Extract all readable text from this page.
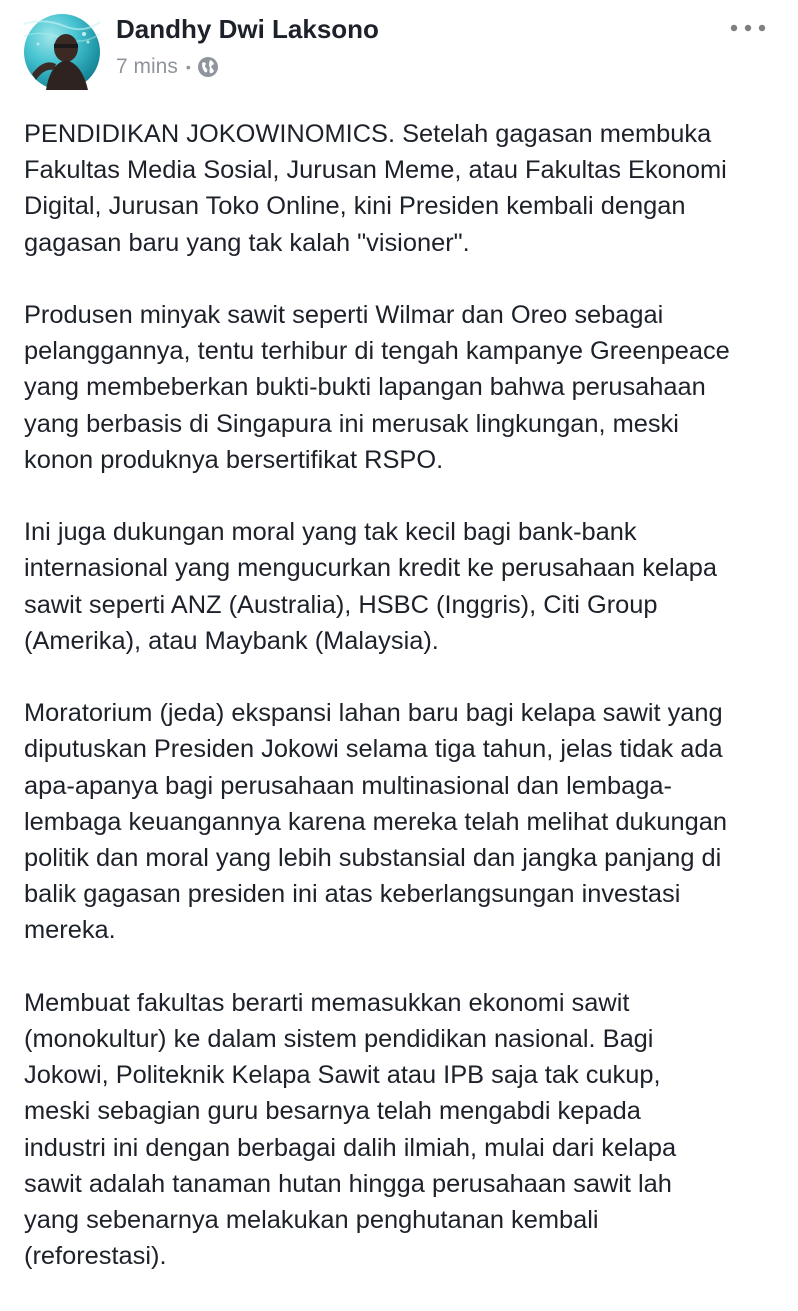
Dandhy Dwi Laksono
7 mins •

PENDIDIKAN JOKOWINOMICS. Setelah gagasan membuka
Fakultas Media Sosial, Jurusan Meme, atau Fakultas Ekonomi
Digital, Jurusan Toko Online, kini Presiden kembali dengan
gagasan baru yang tak kalah "visioner".

Produsen minyak sawit seperti Wilmar dan Oreo sebagai
pelanggannya, tentu terhibur di tengah kampanye Greenpeace
yang membeberkan bukti-bukti lapangan bahwa perusahaan
yang berbasis di Singapura ini merusak lingkungan, meski
konon produknya bersertifikat RSPO.

Ini juga dukungan moral yang tak kecil bagi bank-bank
internasional yang mengucurkan kredit ke perusahaan kelapa
sawit seperti ANZ (Australia), HSBC (Inggris), Citi Group
(Amerika), atau Maybank (Malaysia).

Moratorium (jeda) ekspansi lahan baru bagi kelapa sawit yang
diputuskan Presiden Jokowi selama tiga tahun, jelas tidak ada
apa-apanya bagi perusahaan multinasional dan lembaga-
lembaga keuangannya karena mereka telah melihat dukungan
politik dan moral yang lebih substansial dan jangka panjang di
balik gagasan presiden ini atas keberlangsungan investasi
mereka.

Membuat fakultas berarti memasukkan ekonomi sawit
(monokultur) ke dalam sistem pendidikan nasional. Bagi
Jokowi, Politeknik Kelapa Sawit atau IPB saja tak cukup,
meski sebagian guru besarnya telah mengabdi kepada
industri ini dengan berbagai dalih ilmiah, mulai dari kelapa
sawit adalah tanaman hutan hingga perusahaan sawit lah
yang sebenarnya melakukan penghutanan kembali
(reforestasi).
